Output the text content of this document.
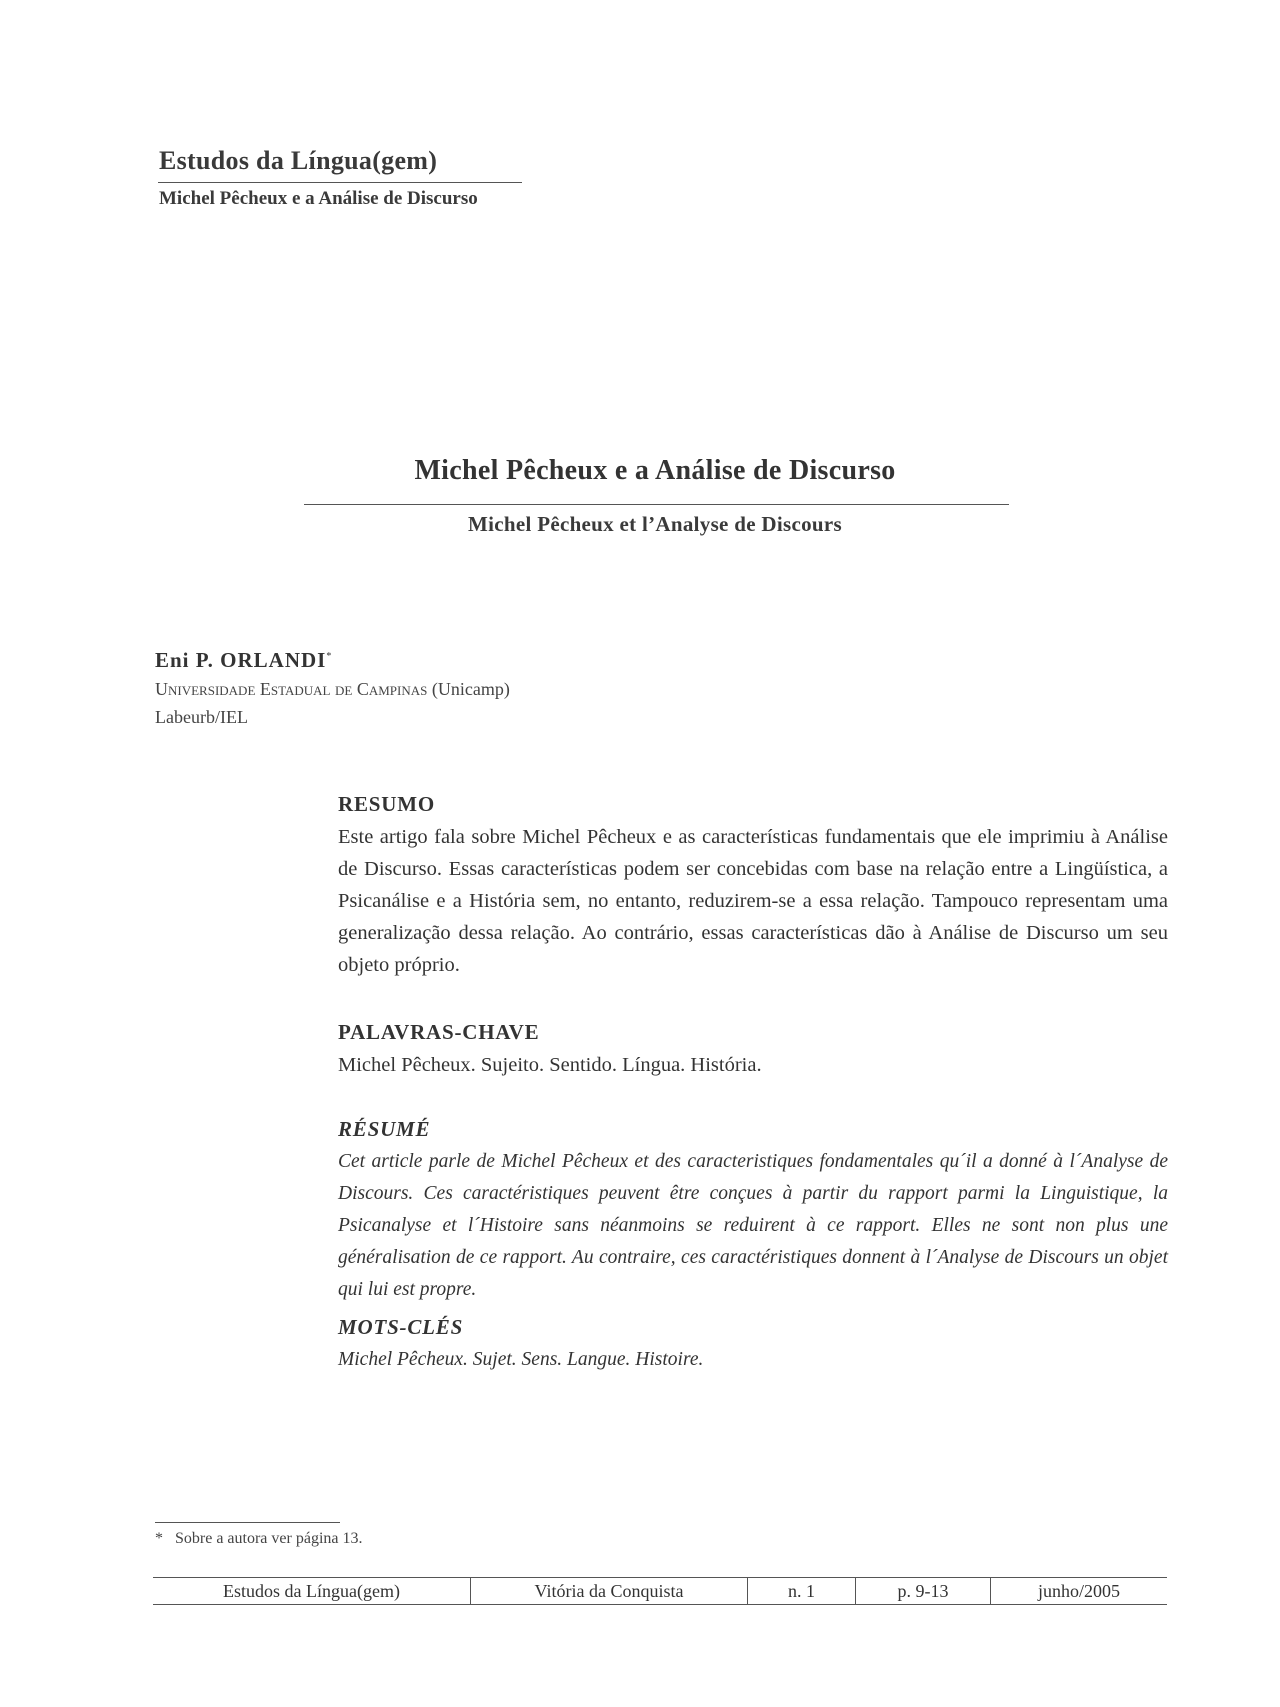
Estudos da Língua(gem)
Michel Pêcheux e a Análise de Discurso
Michel Pêcheux e a Análise de Discurso
Michel Pêcheux et l’Analyse de Discours
Eni P. ORLANDI*
Universidade Estadual de Campinas (Unicamp)
Labeurb/IEL
RESUMO
Este artigo fala sobre Michel Pêcheux e as características fundamentais que ele imprimiu à Análise de Discurso. Essas características podem ser concebidas com base na relação entre a Lingüística, a Psicanálise e a História sem, no entanto, reduzirem-se a essa relação. Tampouco representam uma generalização dessa relação. Ao contrário, essas características dão à Análise de Discurso um seu objeto próprio.
PALAVRAS-CHAVE
Michel Pêcheux. Sujeito. Sentido. Língua. História.
RÉSUMÉ
Cet article parle de Michel Pêcheux et des caracteristiques fondamentales qu´il a donné à l´Analyse de Discours. Ces caractéristiques peuvent être conçues à partir du rapport parmi la Linguistique, la Psicanalyse et l´Histoire sans néanmoins se reduirent à ce rapport. Elles ne sont non plus une généralisation de ce rapport. Au contraire, ces caractéristiques donnent à l´Analyse de Discours un objet qui lui est propre.
MOTS-CLÉS
Michel Pêcheux. Sujet. Sens. Langue. Histoire.
*   Sobre a autora ver página 13.
Estudos da Língua(gem)	Vitória da Conquista	n. 1	p. 9-13	junho/2005
